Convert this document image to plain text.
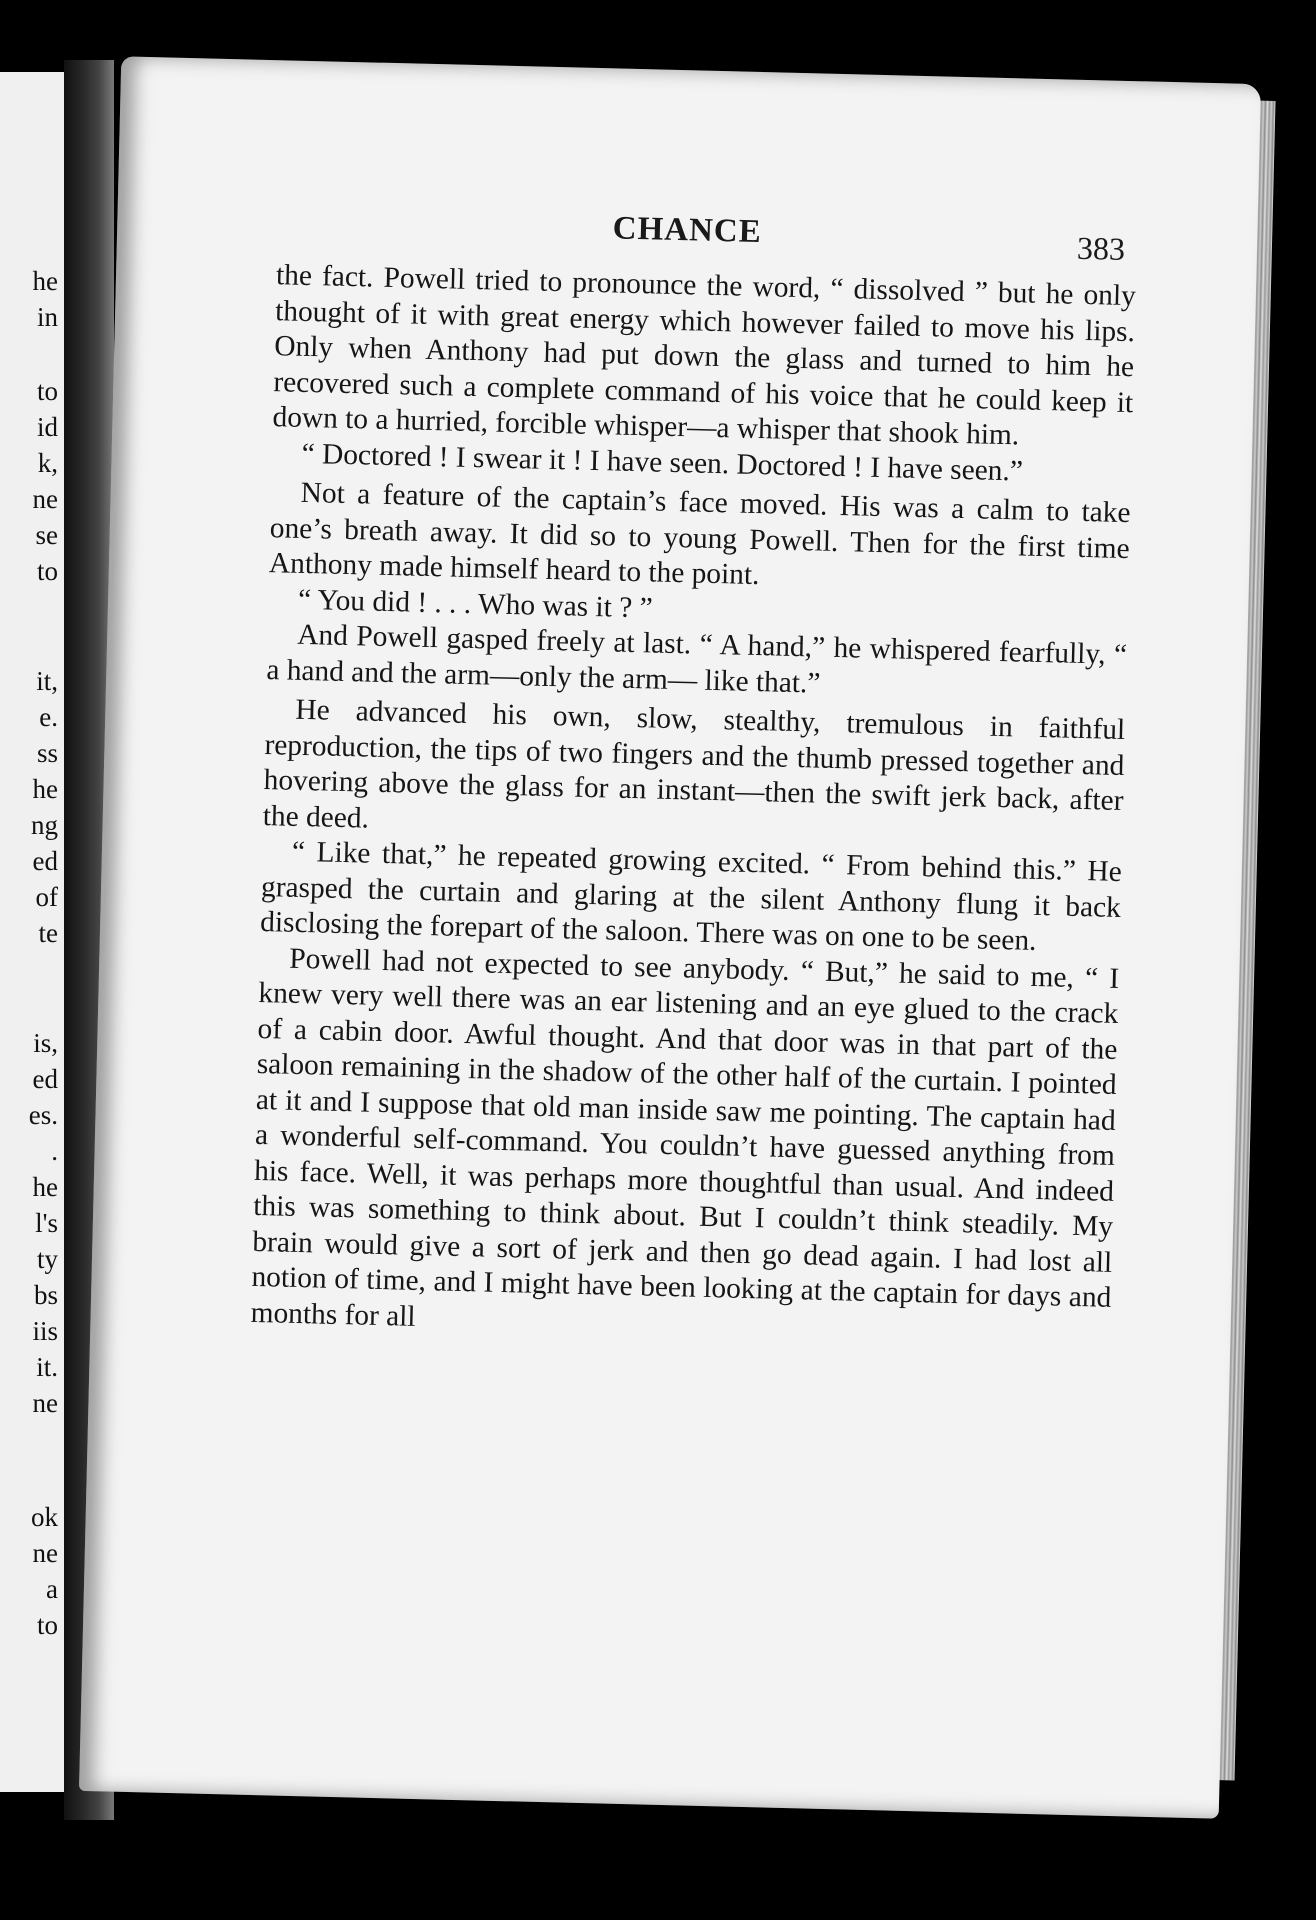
he
in
to
id
k,
ne
se
to
it,
e.
ss
he
ng
ed
of
te
is,
ed
es.
.
he
l's
ty
bs
iis
it.
ne
ok
ne
a
to
CHANCE	383

the fact. Powell tried to pronounce the word, “ dissolved ” but he only thought of it with great energy which however failed to move his lips. Only when Anthony had put down the glass and turned to him he recovered such a complete command of his voice that he could keep it down to a hurried, forcible whisper—a whisper that shook him.

“ Doctored ! I swear it ! I have seen. Doctored ! I have seen.”

Not a feature of the captain’s face moved. His was a calm to take one’s breath away. It did so to young Powell. Then for the first time Anthony made himself heard to the point.

“ You did ! . . . Who was it ? ”

And Powell gasped freely at last. “ A hand,” he whispered fearfully, “ a hand and the arm—only the arm— like that.”

He advanced his own, slow, stealthy, tremulous in faithful reproduction, the tips of two fingers and the thumb pressed together and hovering above the glass for an instant—then the swift jerk back, after the deed.

“ Like that,” he repeated growing excited. “ From behind this.” He grasped the curtain and glaring at the silent Anthony flung it back disclosing the forepart of the saloon. There was on one to be seen.

Powell had not expected to see anybody. “ But,” he said to me, “ I knew very well there was an ear listening and an eye glued to the crack of a cabin door. Awful thought. And that door was in that part of the saloon remaining in the shadow of the other half of the curtain. I pointed at it and I suppose that old man inside saw me pointing. The captain had a wonderful self-command. You couldn’t have guessed anything from his face. Well, it was perhaps more thoughtful than usual. And indeed this was something to think about. But I couldn’t think steadily. My brain would give a sort of jerk and then go dead again. I had lost all notion of time, and I might have been looking at the captain for days and months for all
